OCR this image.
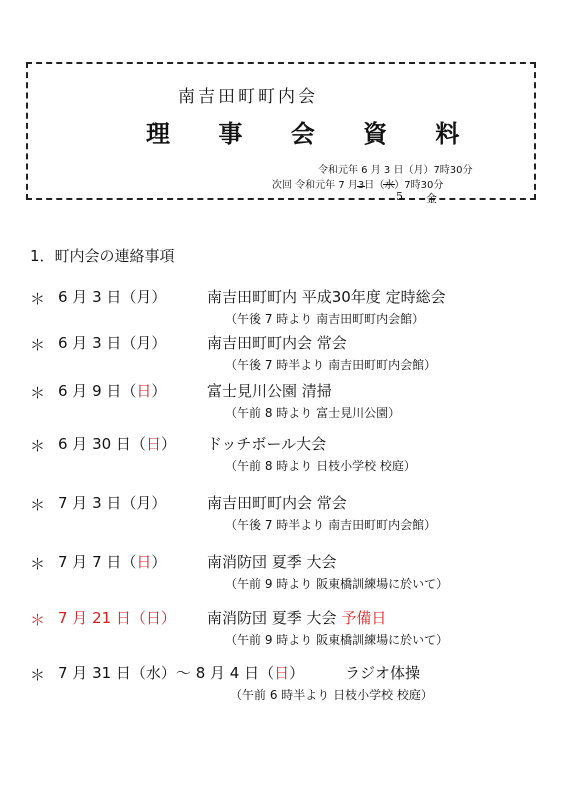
南吉田町町内会
理 事 会 資 料
令和元年 6 月 3 日（月）7時30分
次回 令和元年 7 月3日（水）7時30分
5 金
1．町内会の連絡事項
＊ 6 月 3 日（月）	南吉田町町内 平成30年度 定時総会
（午後 7 時より 南吉田町町内会館）
＊ 6 月 3 日（月）	南吉田町町内会 常会
（午後 7 時半より 南吉田町町内会館）
＊ 6 月 9 日（日）	富士見川公園 清掃
（午前 8 時より 富士見川公園）
＊ 6 月 30 日（日） ドッチボール大会
（午前 8 時より 日枝小学校 校庭）
＊ 7 月 3 日（月）	南吉田町町内会 常会
（午後 7 時半より 南吉田町町内会館）
＊ 7 月 7 日（日）	南消防団 夏季 大会
（午前 9 時より 阪東橋訓練場に於いて）
＊ 7 月 21 日（日） 南消防団 夏季 大会 予備日
（午前 9 時より 阪東橋訓練場に於いて）
＊ 7 月 31 日（水）～ 8 月 4 日（日）	ラジオ体操
（午前 6 時半より 日枝小学校 校庭）
